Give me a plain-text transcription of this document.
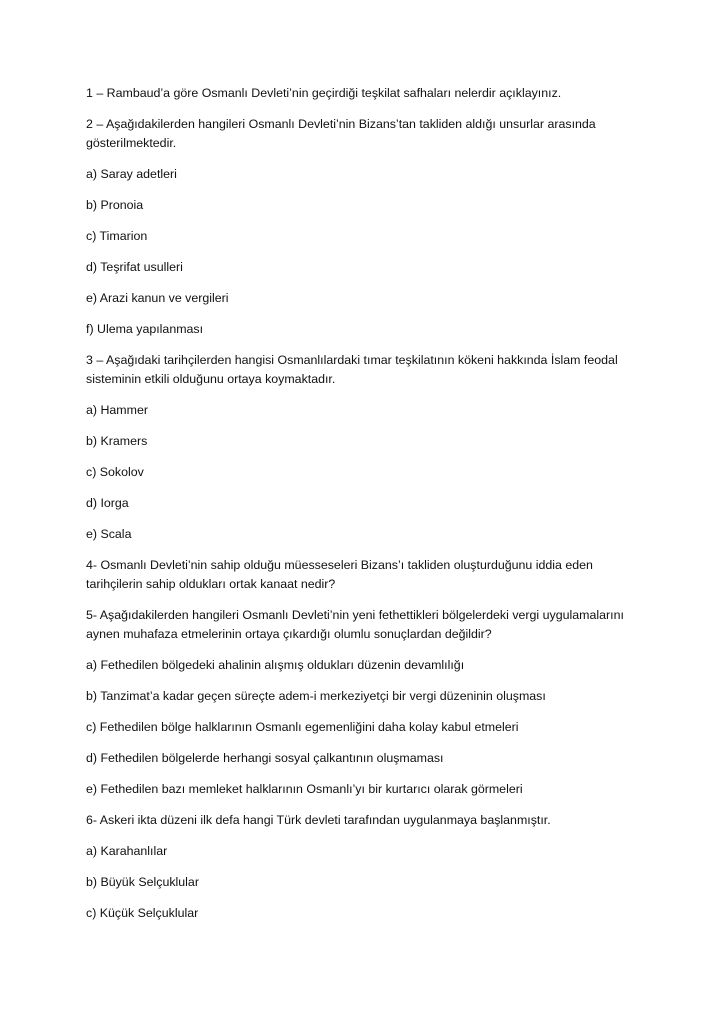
1 – Rambaud’a göre Osmanlı Devleti’nin geçirdiği teşkilat safhaları nelerdir açıklayınız.
2 – Aşağıdakilerden hangileri Osmanlı Devleti’nin Bizans’tan takliden aldığı unsurlar arasında gösterilmektedir.
a) Saray adetleri
b) Pronoia
c) Timarion
d) Teşrifat usulleri
e) Arazi kanun ve vergileri
f) Ulema yapılanması
3 – Aşağıdaki tarihçilerden hangisi Osmanlılardaki tımar teşkilatının kökeni hakkında İslam feodal sisteminin etkili olduğunu ortaya koymaktadır.
a) Hammer
b) Kramers
c) Sokolov
d) Iorga
e) Scala
4- Osmanlı Devleti’nin sahip olduğu müesseseleri Bizans’ı takliden oluşturduğunu iddia eden tarihçilerin sahip oldukları ortak kanaat nedir?
5- Aşağıdakilerden hangileri Osmanlı Devleti’nin yeni fethettikleri bölgelerdeki vergi uygulamalarını aynen muhafaza etmelerinin ortaya çıkardığı olumlu sonuçlardan değildir?
a) Fethedilen bölgedeki ahalinin alışmış oldukları düzenin devamlılığı
b) Tanzimat’a kadar geçen süreçte adem-i merkeziyetçi bir vergi düzeninin oluşması
c) Fethedilen bölge halklarının Osmanlı egemenliğini daha kolay kabul etmeleri
d) Fethedilen bölgelerde herhangi sosyal çalkantının oluşmaması
e) Fethedilen bazı memleket halklarının Osmanlı’yı bir kurtarıcı olarak görmeleri
6- Askeri ikta düzeni ilk defa hangi Türk devleti tarafından uygulanmaya başlanmıştır.
a) Karahanlılar
b) Büyük Selçuklular
c) Küçük Selçuklular
